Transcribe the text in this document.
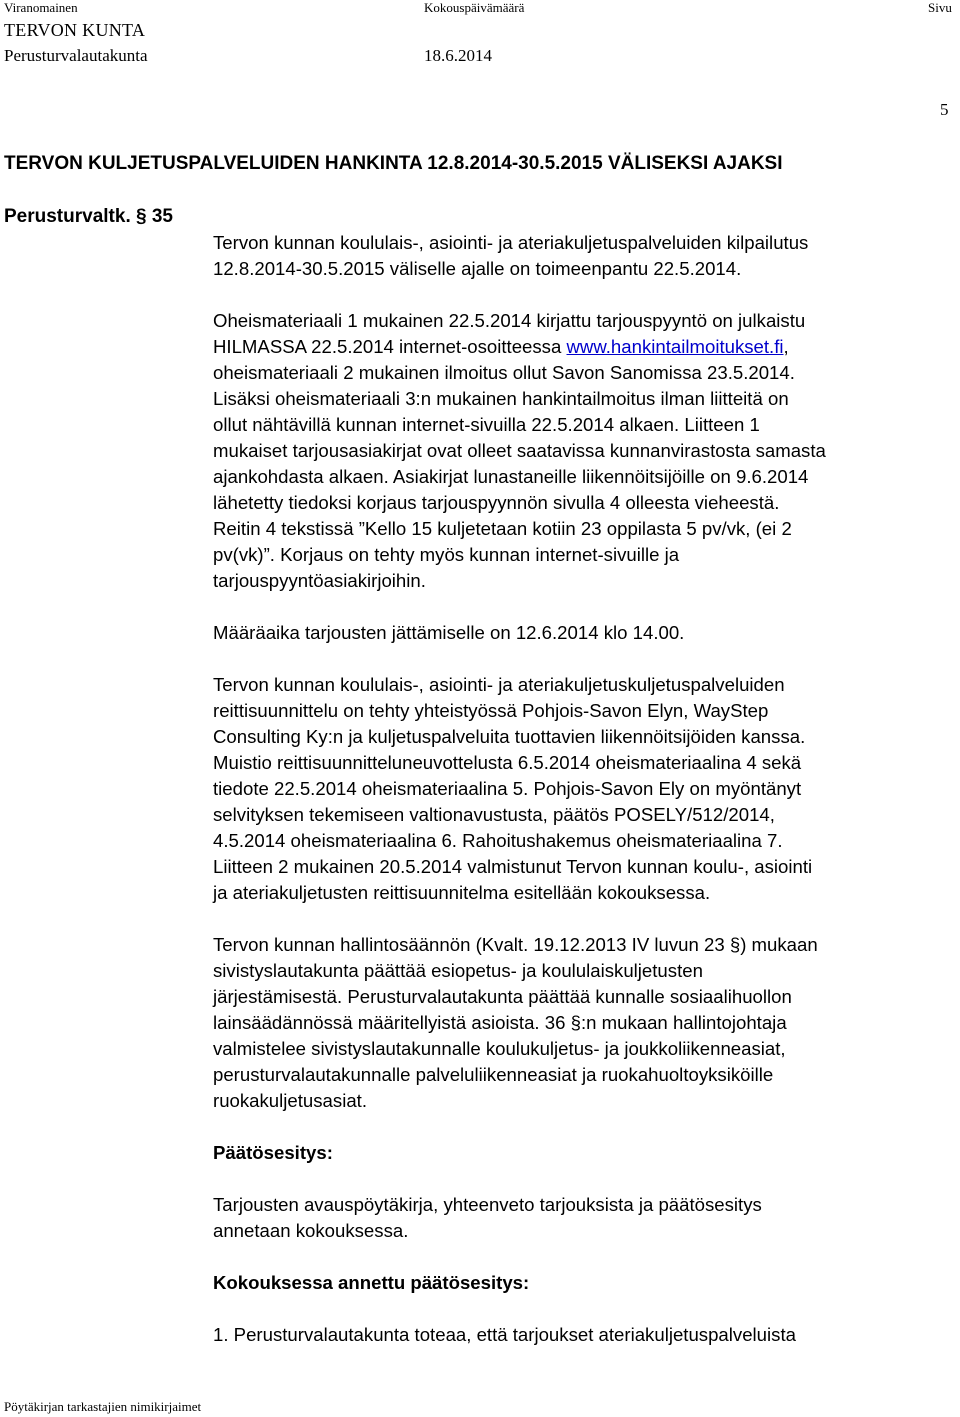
Viranomainen	Kokouspäivämäärä	Sivu
TERVON KUNTA
Perusturvalautakunta	18.6.2014
5
TERVON KULJETUSPALVELUIDEN HANKINTA 12.8.2014-30.5.2015 VÄLISEKSI AJAKSI
Perusturvaltk. § 35
Tervon kunnan koululais-, asiointi- ja ateriakuljetuspalveluiden kilpailutus
12.8.2014-30.5.2015 väliselle ajalle on toimeenpantu 22.5.2014.
Oheismateriaali 1 mukainen 22.5.2014 kirjattu tarjouspyyntö on julkaistu
HILMASSA 22.5.2014 internet-osoitteessa www.hankintailmoitukset.fi,
oheismateriaali 2 mukainen ilmoitus ollut Savon Sanomissa 23.5.2014.
Lisäksi oheismateriaali 3:n mukainen hankintailmoitus ilman liitteitä on
ollut nähtävillä kunnan internet-sivuilla 22.5.2014 alkaen. Liitteen 1
mukaiset tarjousasiakirjat ovat olleet saatavissa kunnanvirastosta samasta
ajankohdasta alkaen. Asiakirjat lunastaneille liikennöitsijöille on 9.6.2014
lähetetty tiedoksi korjaus tarjouspyynnön sivulla 4 olleesta vieheestä.
Reitin 4 tekstissä ”Kello 15 kuljetetaan kotiin 23 oppilasta 5 pv/vk, (ei 2
pv(vk)”. Korjaus on tehty myös kunnan internet-sivuille ja
tarjouspyyntöasiakirjoihin.
Määräaika tarjousten jättämiselle on 12.6.2014 klo 14.00.
Tervon kunnan koululais-, asiointi- ja ateriakuljetuskuljetuspalveluiden
reittisuunnittelu on tehty yhteistyössä Pohjois-Savon Elyn, WayStep
Consulting Ky:n ja kuljetuspalveluita tuottavien liikennöitsijöiden kanssa.
Muistio reittisuunnitteluneuvottelusta 6.5.2014 oheismateriaalina 4 sekä
tiedote 22.5.2014 oheismateriaalina 5. Pohjois-Savon Ely on myöntänyt
selvityksen tekemiseen valtionavustusta, päätös POSELY/512/2014,
4.5.2014 oheismateriaalina 6. Rahoitushakemus oheismateriaalina 7.
Liitteen 2 mukainen 20.5.2014 valmistunut Tervon kunnan koulu-, asiointi
ja ateriakuljetusten reittisuunnitelma esitellään kokouksessa.
Tervon kunnan hallintosäännön (Kvalt. 19.12.2013 IV luvun 23 §) mukaan
sivistyslautakunta päättää esiopetus- ja koululaiskuljetusten
järjestämisestä. Perusturvalautakunta päättää kunnalle sosiaalihuollon
lainsäädännössä määritellyistä asioista. 36 §:n mukaan hallintojohtaja
valmistelee sivistyslautakunnalle koulukuljetus- ja joukkoliikenneasiat,
perusturvalautakunnalle palveluliikenneasiat ja ruokahuoltoyksiköille
ruokakuljetusasiat.
Päätösesitys:
Tarjousten avauspöytäkirja, yhteenveto tarjouksista ja päätösesitys
annetaan kokouksessa.
Kokouksessa annettu päätösesitys:
1. Perusturvalautakunta toteaa, että tarjoukset ateriakuljetuspalveluista
Pöytäkirjan tarkastajien nimikirjaimet
